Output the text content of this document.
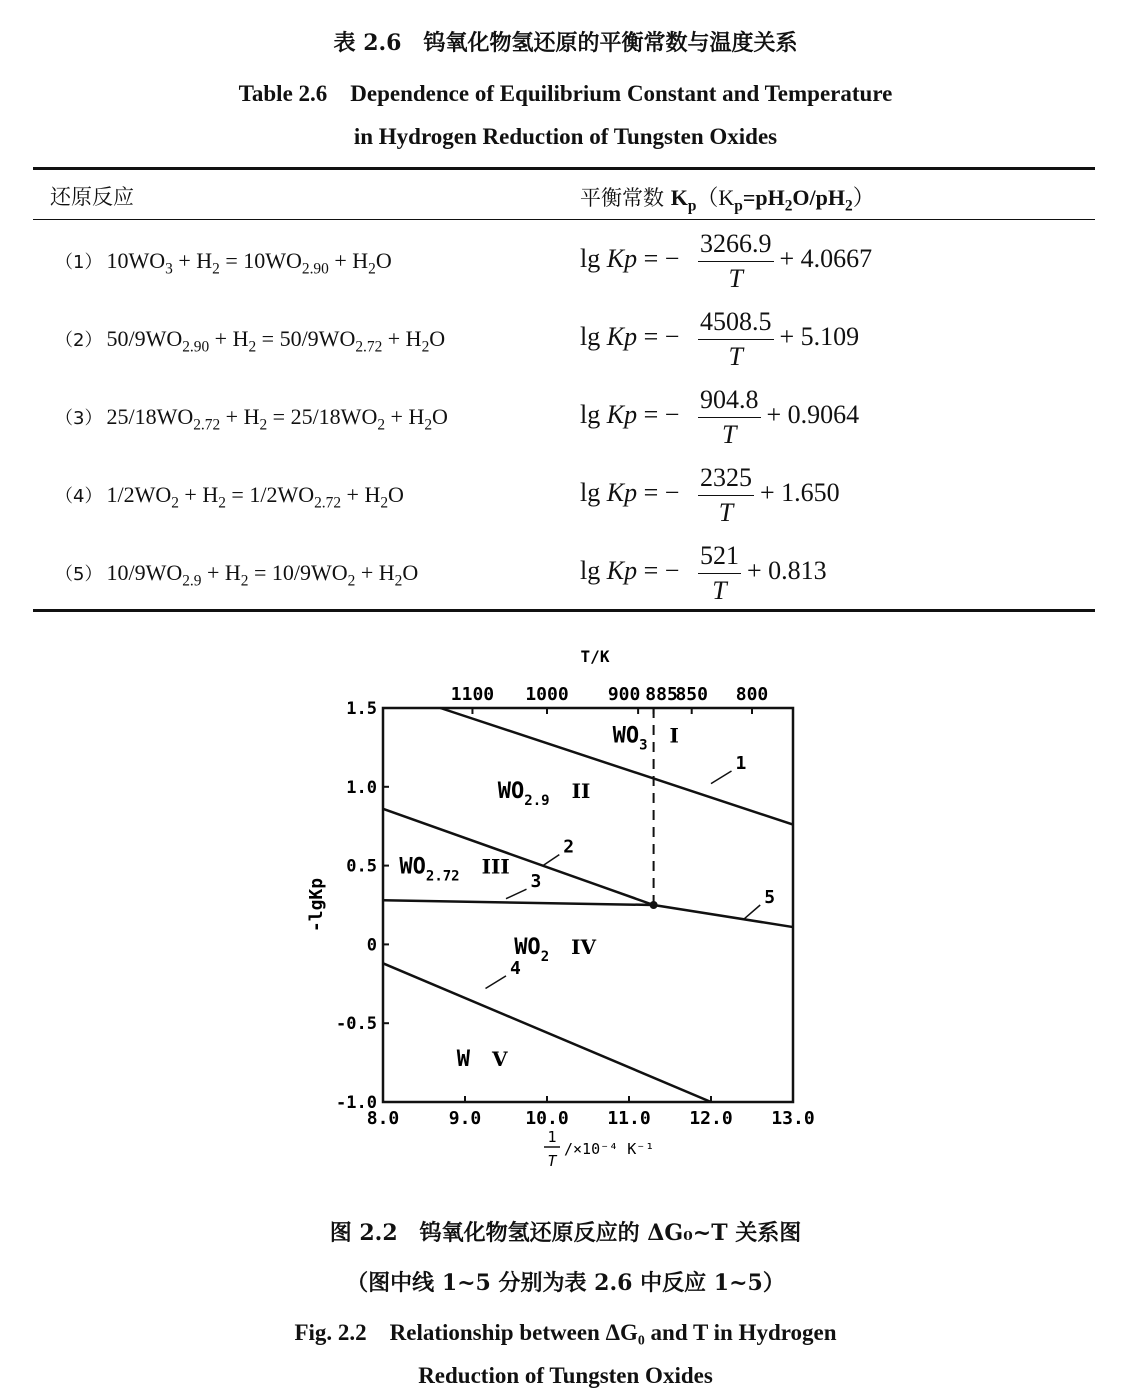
表 2.6　钨氧化物氢还原的平衡常数与温度关系
Table 2.6　Dependence of Equilibrium Constant and Temperature
in Hydrogen Reduction of Tungsten Oxides
还原反应	平衡常数 $K_p(K_p=pH_2O/pH_2)$
（1） $10WO_3 + H_2 = 10WO_{2.90} + H_2O$	lg Kp = − $\frac{3266.9}{T} + 4.0667$
（2） $50/9WO_{2.90} + H_2 = 50/9WO_{2.72} + H_2O$	lg Kp = − $\frac{4508.5}{T} + 5.109$
（3） $25/18WO_{2.72} + H_2 = 25/18WO_2 + H_2O$	lg Kp = − $\frac{904.8}{T} + 0.9064$
（4） $1/2WO_2 + H_2 = 1/2WO_{2.72} + H_2O$	lg Kp = − $\frac{2325}{T} + 1.650$
（5） $10/9WO_{2.9} + H_2 = 10/9WO_2 + H_2O$	lg Kp = − $\frac{521}{T} + 0.813$
8.0	9.0 10.0 11.0 12.0 13.0
1.5
1.0
0.5
0
-0.5
-1.0
1100 1000 900 885
850 800
T/K
1
2
3
4
5
$WO_3$ I
$WO_{2.9}$ II
$WO_{2.72}$ III
$WO_2$ IV
W V
-lgKp
1
T
/×10⁻⁴ K⁻¹
图 2.2　钨氧化物氢还原反应的 ΔG₀~T 关系图
（图中线 1~5 分别为表 2.6 中反应 1~5）
Fig. 2.2　Relationship between ΔG₀ and T in Hydrogen
Reduction of Tungsten Oxides
